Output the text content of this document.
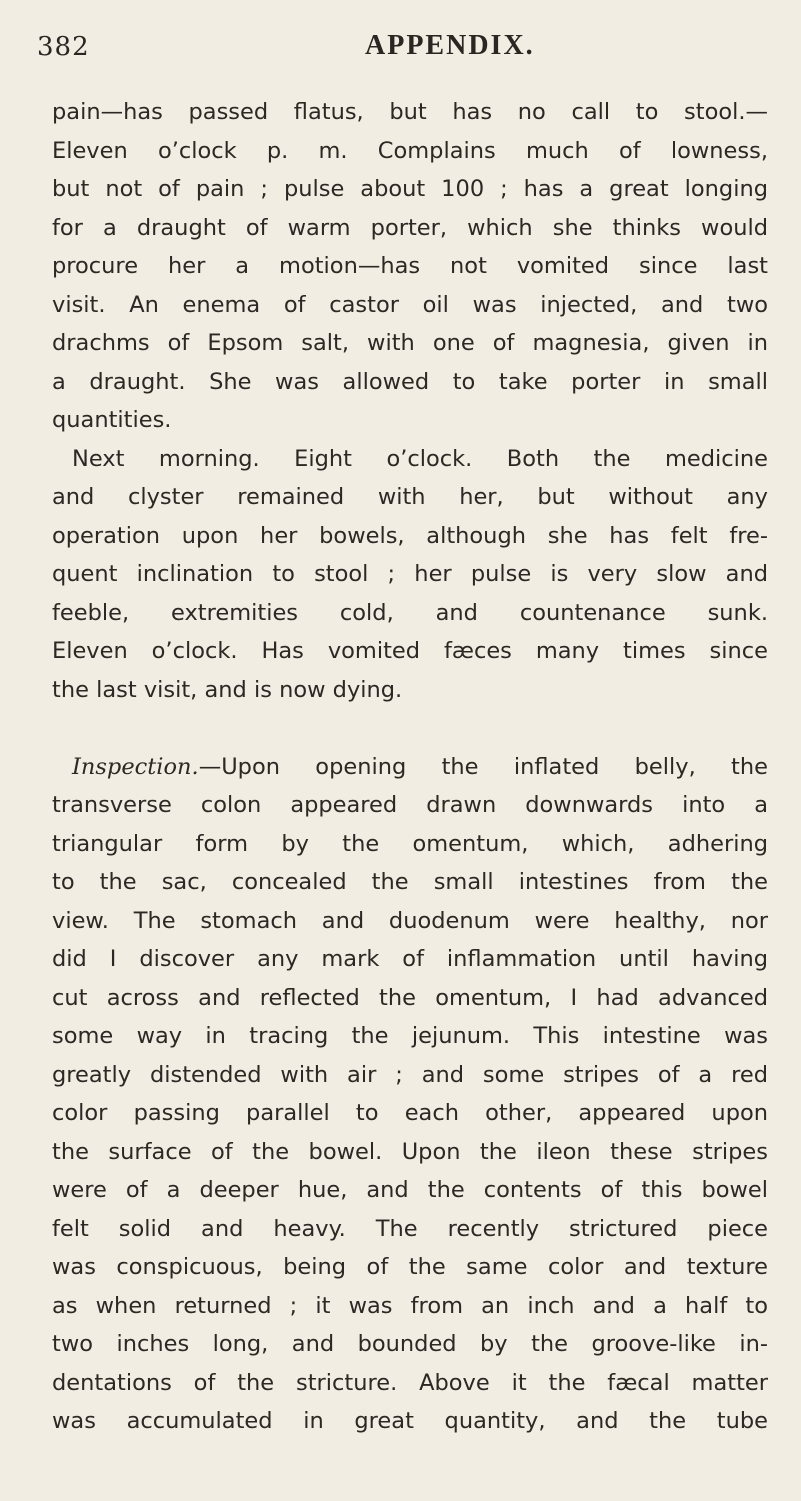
382	APPENDIX.
pain—has passed flatus, but has no call to stool.—
Eleven o’clock p. m. Complains much of lowness,
but not of pain ; pulse about 100 ; has a great longing
for a draught of warm porter, which she thinks would
procure her a motion—has not vomited since last
visit. An enema of castor oil was injected, and two
drachms of Epsom salt, with one of magnesia, given in
a draught. She was allowed to take porter in small
quantities.
Next morning. Eight o’clock. Both the medicine
and clyster remained with her, but without any
operation upon her bowels, although she has felt fre-
quent inclination to stool ; her pulse is very slow and
feeble, extremities cold, and countenance sunk.
Eleven o’clock. Has vomited fæces many times since
the last visit, and is now dying.
Inspection.—Upon opening the inflated belly, the
transverse colon appeared drawn downwards into a
triangular form by the omentum, which, adhering
to the sac, concealed the small intestines from the
view. The stomach and duodenum were healthy, nor
did I discover any mark of inflammation until having
cut across and reflected the omentum, I had advanced
some way in tracing the jejunum. This intestine was
greatly distended with air ; and some stripes of a red
color passing parallel to each other, appeared upon
the surface of the bowel. Upon the ileon these stripes
were of a deeper hue, and the contents of this bowel
felt solid and heavy. The recently strictured piece
was conspicuous, being of the same color and texture
as when returned ; it was from an inch and a half to
two inches long, and bounded by the groove-like in-
dentations of the stricture. Above it the fæcal matter
was accumulated in great quantity, and the tube
